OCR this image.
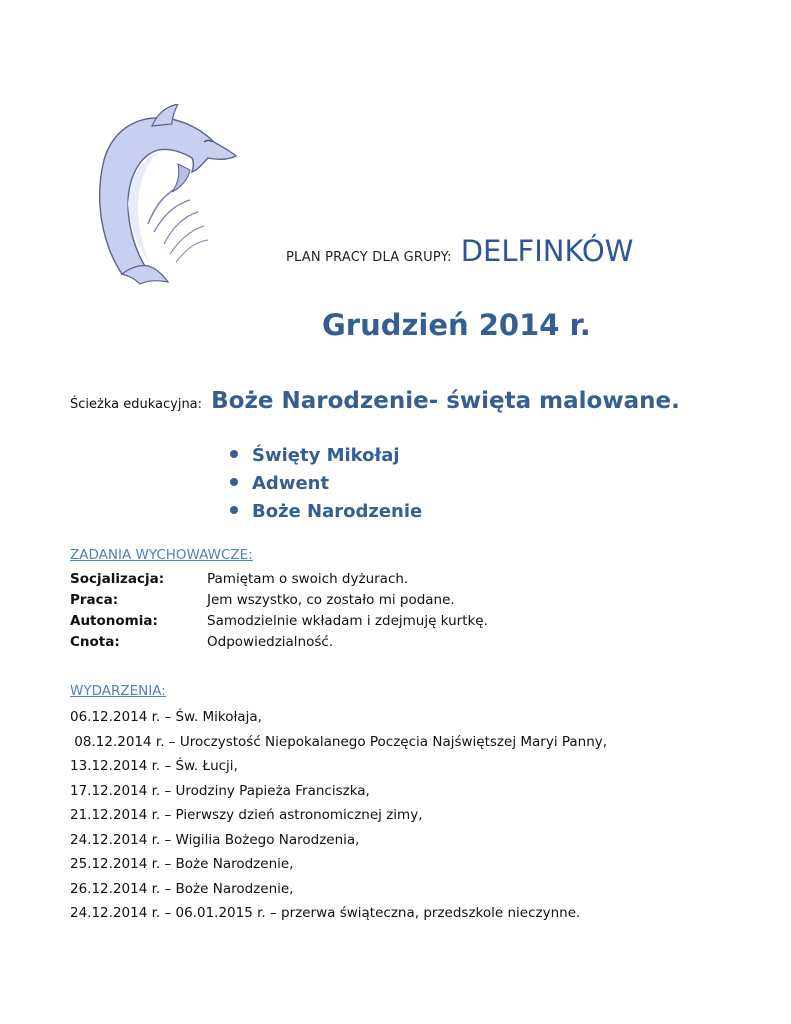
PLAN PRACY DLA GRUPY: DELFINKÓW
Grudzień 2014 r.
Ścieżka edukacyjna: Boże Narodzenie- święta malowane.
Święty Mikołaj
Adwent
Boże Narodzenie
ZADANIA WYCHOWAWCZE:
Socjalizacja:	Pamiętam o swoich dyżurach.
Praca:	Jem wszystko, co zostało mi podane.
Autonomia:	Samodzielnie wkładam i zdejmuję kurtkę.
Cnota:	Odpowiedzialność.
WYDARZENIA:
06.12.2014 r. – Św. Mikołaja,
08.12.2014 r. – Uroczystość Niepokalanego Poczęcia Najświętszej Maryi Panny,
13.12.2014 r. – Św. Łucji,
17.12.2014 r. – Urodziny Papieża Franciszka,
21.12.2014 r. – Pierwszy dzień astronomicznej zimy,
24.12.2014 r. – Wigilia Bożego Narodzenia,
25.12.2014 r. – Boże Narodzenie,
26.12.2014 r. – Boże Narodzenie,
24.12.2014 r. – 06.01.2015 r. – przerwa świąteczna, przedszkole nieczynne.
